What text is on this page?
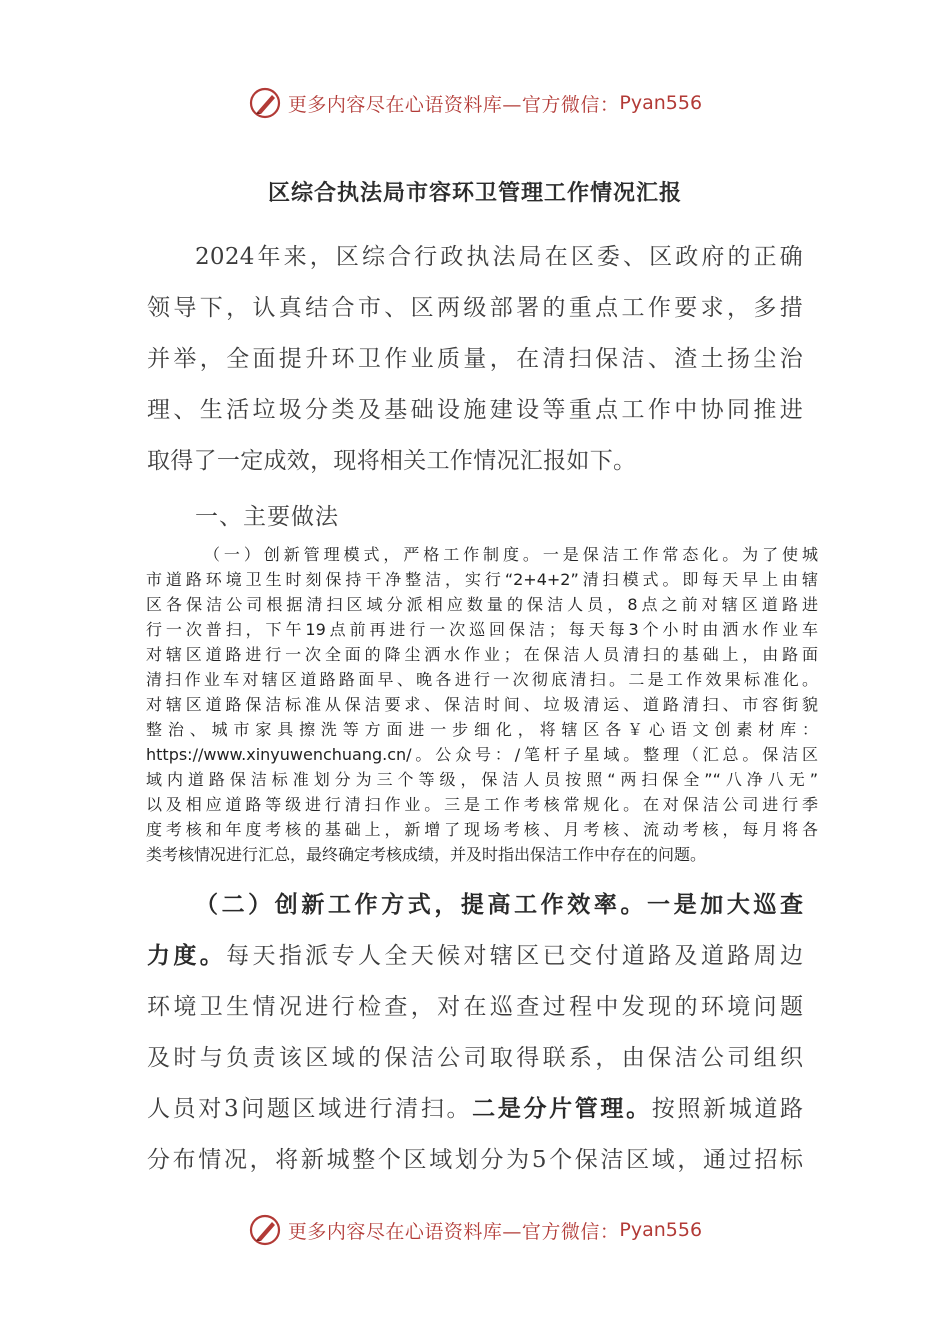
更多内容尽在心语资料库—官方微信： Pyan556
区综合执法局市容环卫管理工作情况汇报

2024年来，区综合行政执法局在区委、区政府的正确

领导下，认真结合市、区两级部署的重点工作要求，多措

并举，全面提升环卫作业质量，在清扫保洁、渣土扬尘治

理、生活垃圾分类及基础设施建设等重点工作中协同推进

取得了一定成效，现将相关工作情况汇报如下。

一、主要做法

（一）创新管理模式，严格工作制度。一是保洁工作常态化。为了使城

市道路环境卫生时刻保持干净整洁，实行“2+4+2”清扫模式。即每天早上由辖

区各保洁公司根据清扫区域分派相应数量的保洁人员，8点之前对辖区道路进

行一次普扫，下午19点前再进行一次巡回保洁；每天每3个小时由洒水作业车

对辖区道路进行一次全面的降尘洒水作业；在保洁人员清扫的基础上，由路面

清扫作业车对辖区道路路面早、晚各进行一次彻底清扫。二是工作效果标准化。

对辖区道路保洁标准从保洁要求、保洁时间、垃圾清运、道路清扫、市容街貌

整治、城市家具擦洗等方面进一步细化，将辖区各￥心语文创素材库：

https://www.xinyuwenchuang.cn/。公众号：/笔杆子星域。整理（汇总。保洁区

域内道路保洁标准划分为三个等级，保洁人员按照“两扫保全”“八净八无”

以及相应道路等级进行清扫作业。三是工作考核常规化。在对保洁公司进行季

度考核和年度考核的基础上，新增了现场考核、月考核、流动考核，每月将各

类考核情况进行汇总，最终确定考核成绩，并及时指出保洁工作中存在的问题。

（二）创新工作方式，提高工作效率。一是加大巡查

力度。每天指派专人全天候对辖区已交付道路及道路周边

环境卫生情况进行检查，对在巡查过程中发现的环境问题

及时与负责该区域的保洁公司取得联系，由保洁公司组织

人员对3问题区域进行清扫。二是分片管理。按照新城道路

分布情况，将新城整个区域划分为5个保洁区域，通过招标

更多内容尽在心语资料库—官方微信： Pyan556
